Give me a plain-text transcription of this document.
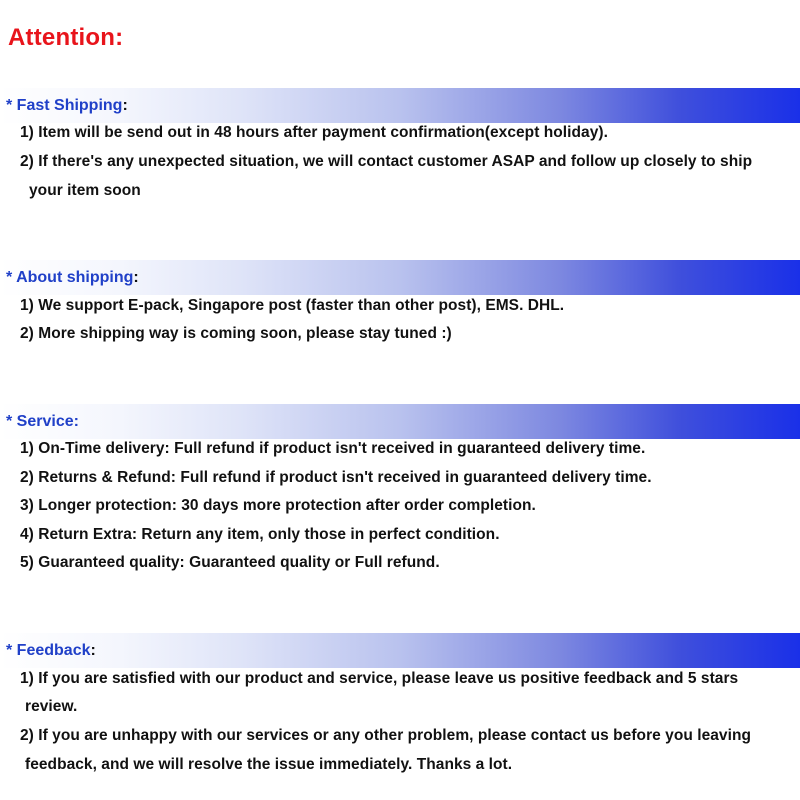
Attention:
* Fast Shipping :
1) Item will be send out in 48 hours after payment confirmation(except holiday).
2) If there's any unexpected situation, we will contact customer ASAP and follow up closely to ship
your item soon
* About shipping :
1) We support E-pack, Singapore post (faster than other post), EMS. DHL.
2) More shipping way is coming soon, please stay tuned :)
* Service:
1) On-Time delivery: Full refund if product isn't received in guaranteed delivery time.
2) Returns & Refund: Full refund if product isn't received in guaranteed delivery time.
3) Longer protection: 30 days more protection after order completion.
4) Return Extra: Return any item, only those in perfect condition.
5) Guaranteed quality: Guaranteed quality or Full refund.
* Feedback :
1) If you are satisfied with our product and service, please leave us positive feedback and 5 stars
review.
2) If you are unhappy with our services or any other problem, please contact us before you leaving
feedback, and we will resolve the issue immediately. Thanks a lot.
